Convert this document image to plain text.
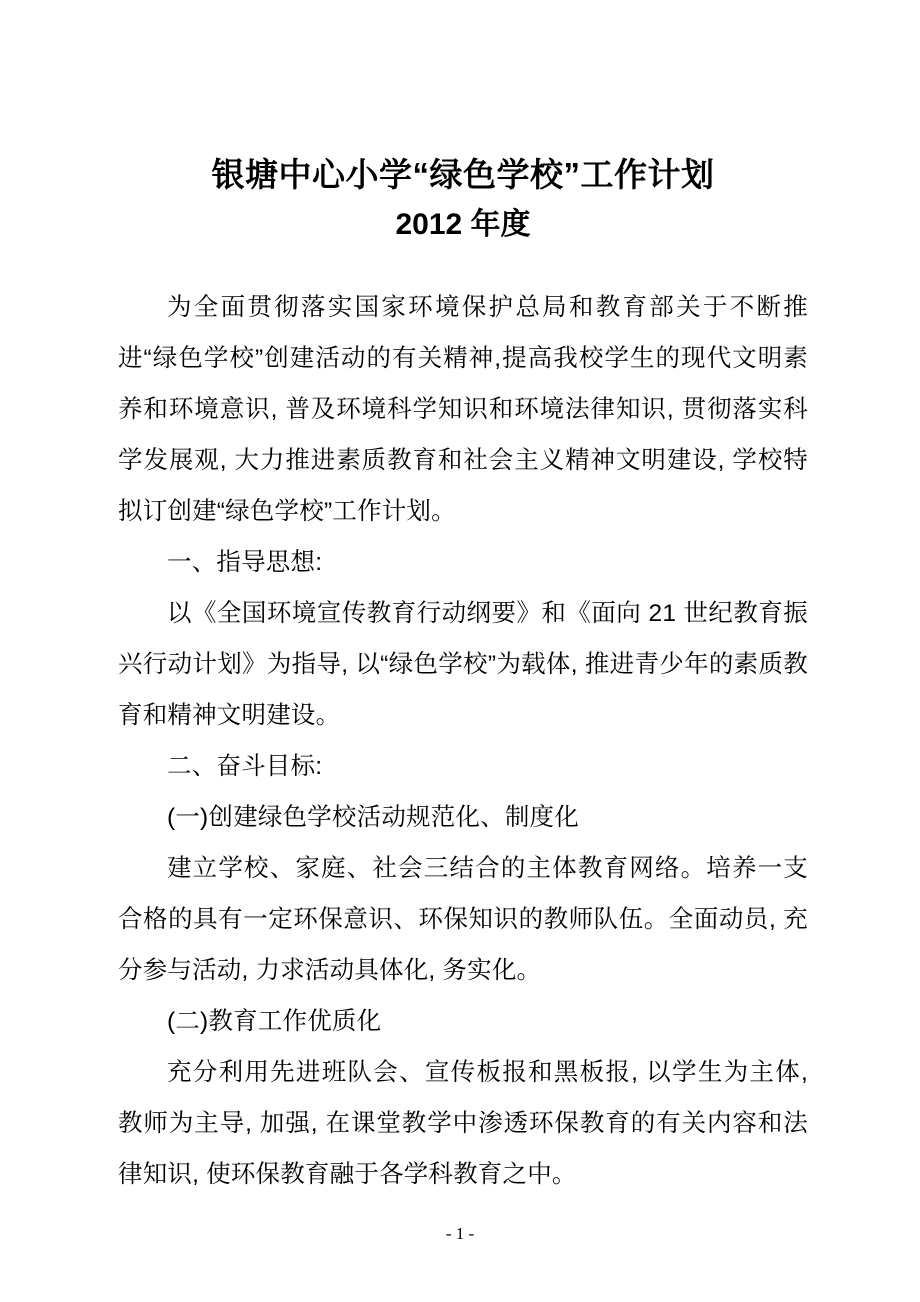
银塘中心小学“绿色学校”工作计划
2012 年度

为全面贯彻落实国家环境保护总局和教育部关于不断推进“绿色学校”创建活动的有关精神,提高我校学生的现代文明素养和环境意识, 普及环境科学知识和环境法律知识, 贯彻落实科学发展观, 大力推进素质教育和社会主义精神文明建设, 学校特拟订创建“绿色学校”工作计划。

一、指导思想:

以《全国环境宣传教育行动纲要》和《面向 21 世纪教育振兴行动计划》为指导, 以“绿色学校”为载体, 推进青少年的素质教育和精神文明建设。

二、奋斗目标:

(一)创建绿色学校活动规范化、制度化

建立学校、家庭、社会三结合的主体教育网络。培养一支合格的具有一定环保意识、环保知识的教师队伍。全面动员, 充分参与活动, 力求活动具体化, 务实化。

(二)教育工作优质化

充分利用先进班队会、宣传板报和黑板报, 以学生为主体, 教师为主导, 加强, 在课堂教学中渗透环保教育的有关内容和法律知识, 使环保教育融于各学科教育之中。

- 1 -
